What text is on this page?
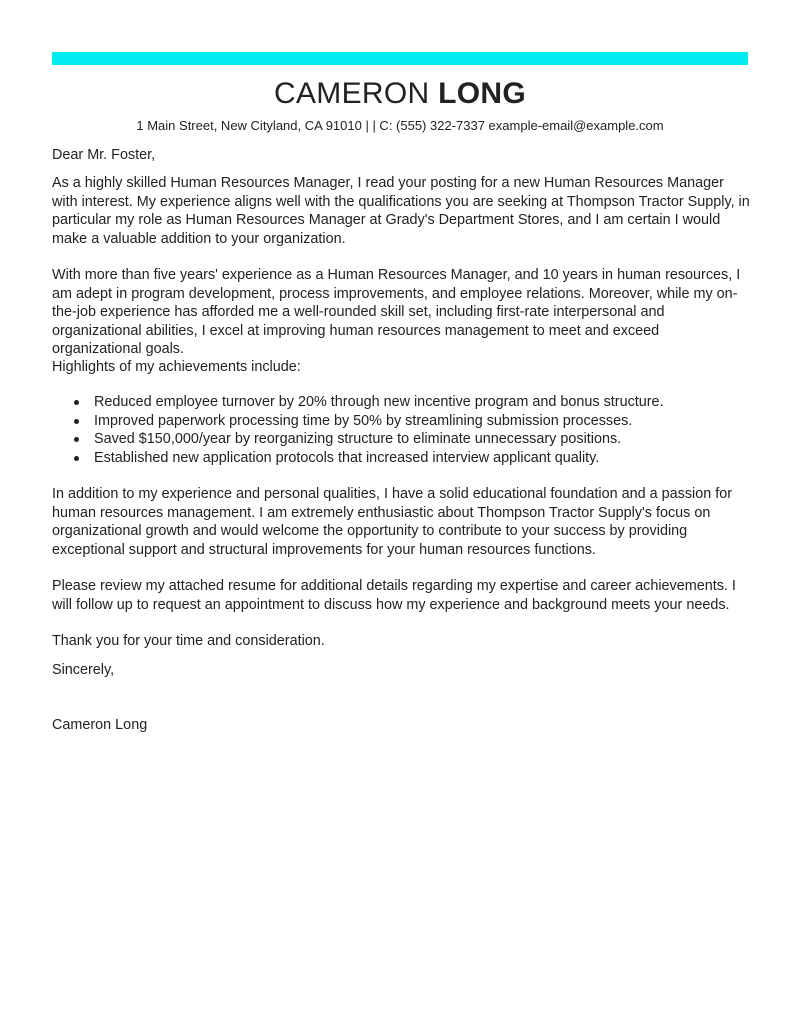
CAMERON LONG
1 Main Street, New Cityland, CA 91010 | | C: (555) 322-7337 example-email@example.com
Dear Mr. Foster,
As a highly skilled Human Resources Manager, I read your posting for a new Human Resources Manager with interest. My experience aligns well with the qualifications you are seeking at Thompson Tractor Supply, in particular my role as Human Resources Manager at Grady's Department Stores, and I am certain I would make a valuable addition to your organization.
With more than five years' experience as a Human Resources Manager, and 10 years in human resources, I am adept in program development, process improvements, and employee relations. Moreover, while my on-the-job experience has afforded me a well-rounded skill set, including first-rate interpersonal and organizational abilities, I excel at improving human resources management to meet and exceed organizational goals.
Highlights of my achievements include:
Reduced employee turnover by 20% through new incentive program and bonus structure.
Improved paperwork processing time by 50% by streamlining submission processes.
Saved $150,000/year by reorganizing structure to eliminate unnecessary positions.
Established new application protocols that increased interview applicant quality.
In addition to my experience and personal qualities, I have a solid educational foundation and a passion for human resources management. I am extremely enthusiastic about Thompson Tractor Supply's focus on organizational growth and would welcome the opportunity to contribute to your success by providing exceptional support and structural improvements for your human resources functions.
Please review my attached resume for additional details regarding my expertise and career achievements. I will follow up to request an appointment to discuss how my experience and background meets your needs.
Thank you for your time and consideration.
Sincerely,
Cameron Long
